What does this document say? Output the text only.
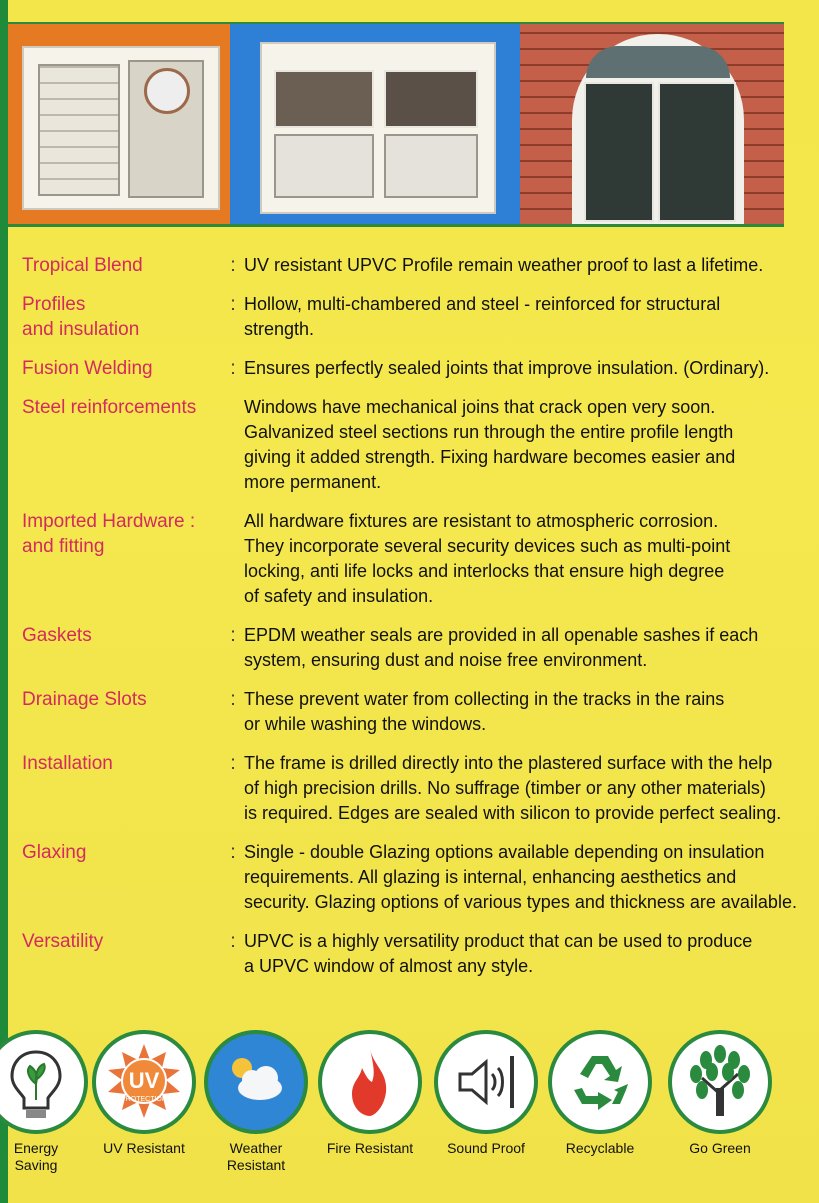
Tropical Blend	: UV resistant UPVC Profile remain weather proof to last a lifetime.
Profiles
and insulation
: Hollow, multi-chambered and steel - reinforced for structural
strength.
Fusion Welding	: Ensures perfectly sealed joints that improve insulation. (Ordinary).
Steel reinforcements	Windows have mechanical joins that crack open very soon.
Galvanized steel sections run through the entire profile length
giving it added strength. Fixing hardware becomes easier and
more permanent.
Imported Hardware :
and fitting
All hardware fixtures are resistant to atmospheric corrosion.
They incorporate several security devices such as multi-point
locking, anti life locks and interlocks that ensure high degree
of safety and insulation.
Gaskets	: EPDM weather seals are provided in all openable sashes if each
system, ensuring dust and noise free environment.
Drainage Slots	: These prevent water from collecting in the tracks in the rains
or while washing the windows.
Installation	: The frame is drilled directly into the plastered surface with the help
of high precision drills. No suffrage (timber or any other materials)
is required. Edges are sealed with silicon to provide perfect sealing.
Glaxing	: Single - double Glazing options available depending on insulation
requirements. All glazing is internal, enhancing aesthetics and
security. Glazing options of various types and thickness are available.
Versatility	: UPVC is a highly versatility product that can be used to produce
a UPVC window of almost any style.
Energy
Saving
UV
PROTECTION
UV Resistant	Weather
Resistant
Fire Resistant	Sound Proof	Recyclable	Go Green
